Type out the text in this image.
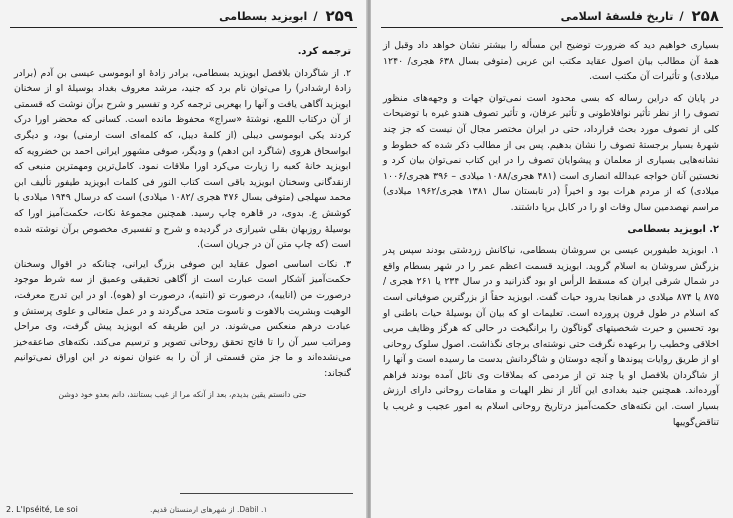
۲۵۹
/
ابویزید بسطامی

ترجمه کرد.

۲. از شاگردان بلافصل ابویزید بسطامی، برادر زادهٔ او ابوموسی عیسی بن آدم (برادر زادهٔ ارشدادر) را می‌توان نام برد که جنید، مرشد معروف بغداد بوسیلهٔ او از سخنان ابویزید آگاهی یافت و آنها را بهعربی ترجمه کرد و تفسیر و شرح برآن نوشت که قسمتی از آن درکتاب اللمع، نوشتهٔ «سراج» محفوظ مانده است. کسانی که محضر اورا درک کردند یکی ابوموسی دیبلی (از کلمهٔ دیبل، که کلمه‌ای است ارمنی) بود، و دیگری ابواسحاق هروی (شاگرد ابن ادهم) و ودیگر، صوفی مشهور ایرانی احمد بن خضرویه که ابویزید خانهٔ کعبه را زیارت می‌کرد اورا ملاقات نمود. کامل‌ترین ومهمترین منبعی که ازنقدگانی وسخنان ابویزید باقی است کتاب النور فی کلمات ابویزید طیفور تألیف ابن محمد سهلجی (متوفی بسال ۴۷۶ هجری /۱۰۸۲ میلادی) است که درسال ۱۹۴۹ میلادی با کوشش ع. بدوی، در قاهره چاپ رسید. همچنین مجموعهٔ نکات، حکمت‌آمیز اورا که بوسیلهٔ روزبهان بقلی شیرازی در گردیده و شرح و تفسیری مخصوص برآن نوشته شده است (که چاپ متن آن در جریان است).

۳. نکات اساسی اصول عقاید این صوفی بزرگ ایرانی، چنانکه در اقوال وسخنان حکمت‌آمیز آشکار است عبارت است از آگاهی تحقیقی وعمیق از سه شرط موجود درصورت من (اناییه)، درصورت تو (انتیه)، درصورت او (هوه). او در این تدرج معرفت، الوهیت وبشریت بالاهوت و ناسوت متحد می‌گردند و در عمل متعالی و علوی پرستش و عبادت درهم منعکس می‌شوند. در این طریقه که ابویزید پیش گرفت، وی مراحل ومراتب سیر آن را تا فاتح تحقق روحانی تصویر و ترسیم می‌کند. نکته‌های صاعقه‌خیز می‌نشده‌اند و ما جز متن قسمتی از آن را به عنوان نمونه در این اوراق نمی‌توانیم گنجاند:

حتی دانستم یقین بدیدم، بعد از آنکه مرا از غیب بستانند، دانم بعدو خود دوشن
2. L'Ipséité, Le soi	۱. Dabil. از شهرهای ارمنستان قدیم.
۲۵۸
/
تاریخ فلسفهٔ اسلامی

بسیاری خواهیم دید که ضرورت توضیح این مسأله را بیشتر نشان خواهد داد وقبل از همهٔ آن مطالب بیان اصول عقاید مکتب ابن عربی (متوفی بسال ۶۳۸ هجری/ ۱۲۴۰ میلادی) و تأثیرات آن مکتب است.

در پایان که دراین رساله که بسی محدود است نمی‌توان جهات و وجهه‌های منظور تصوف را از نظر تأثیر نوافلاطونی و تأثیر عرفان، و تأثیر تصوف هندو غیره با توضیحات کلی از تصوف مورد بحث قرارداد، حتی در ایران مختصر مجال آن نیست که جز چند شهرهٔ بسیار برجستهٔ تصوف را نشان بدهیم. پس بی از مطالب ذکر شده که خطوط و نشانه‌هایی بسیاری از معلمان و پیشوایان تصوف را در این کتاب نمی‌توان بیان کرد و نخستین آنان خواجه عبدالله انصاری است (۴۸۱ هجری/۱۰۸۸ میلادی – ۳۹۶ هجری/۱۰۰۶ میلادی) که از مردم هرات بود و اخیراً (در تابستان سال ۱۳۸۱ هجری/۱۹۶۲ میلادی) مراسم نهصدمین سال وفات او را در کابل برپا داشتند.

۲. ابویزید بسطامی

۱. ابویزید طیفوربن عیسی بن سروشان بسطامی، نیاکانش زردشتی بودند سپس پدر بزرگش سروشان به اسلام گروید. ابویزید قسمت اعظم عمر را در شهر بسطام واقع در شمال شرقی ایران که مسقط الرأس او بود گذرانید و در سال ۲۳۴ یا ۲۶۱ هجری /۸۷۵ یا ۸۷۴ میلادی در همانجا بدرود حیات گفت. ابویزید حقاً از بزرگترین صوفیانی است که اسلام در طول قرون پرورده است. تعلیمات او که بیان آن بوسیلهٔ حیات باطنی او بود تحسین و حیرت شخصیتهای گوناگون را برانگیخت در حالی که هرگز وظایف مربی اخلاقی وخطیب را برعهده نگرفت حتی نوشته‌ای برجای نگذاشت. اصول سلوک روحانی او از طریق روایات پیوندها و آنچه دوستان و شاگردانش بدست ما رسیده است و آنها را از شاگردان بلافصل او یا چند تن از مردمی که بملاقات وی نائل آمده بودند فراهم آورده‌اند. همچنین جنید بغدادی این آثار از نظر الهیات و مقامات روحانی دارای ارزش بسیار است. این نکته‌های حکمت‌آمیز درتاریخ روحانی اسلام به امور عجیب و غریب یا تناقض‌گوییها
